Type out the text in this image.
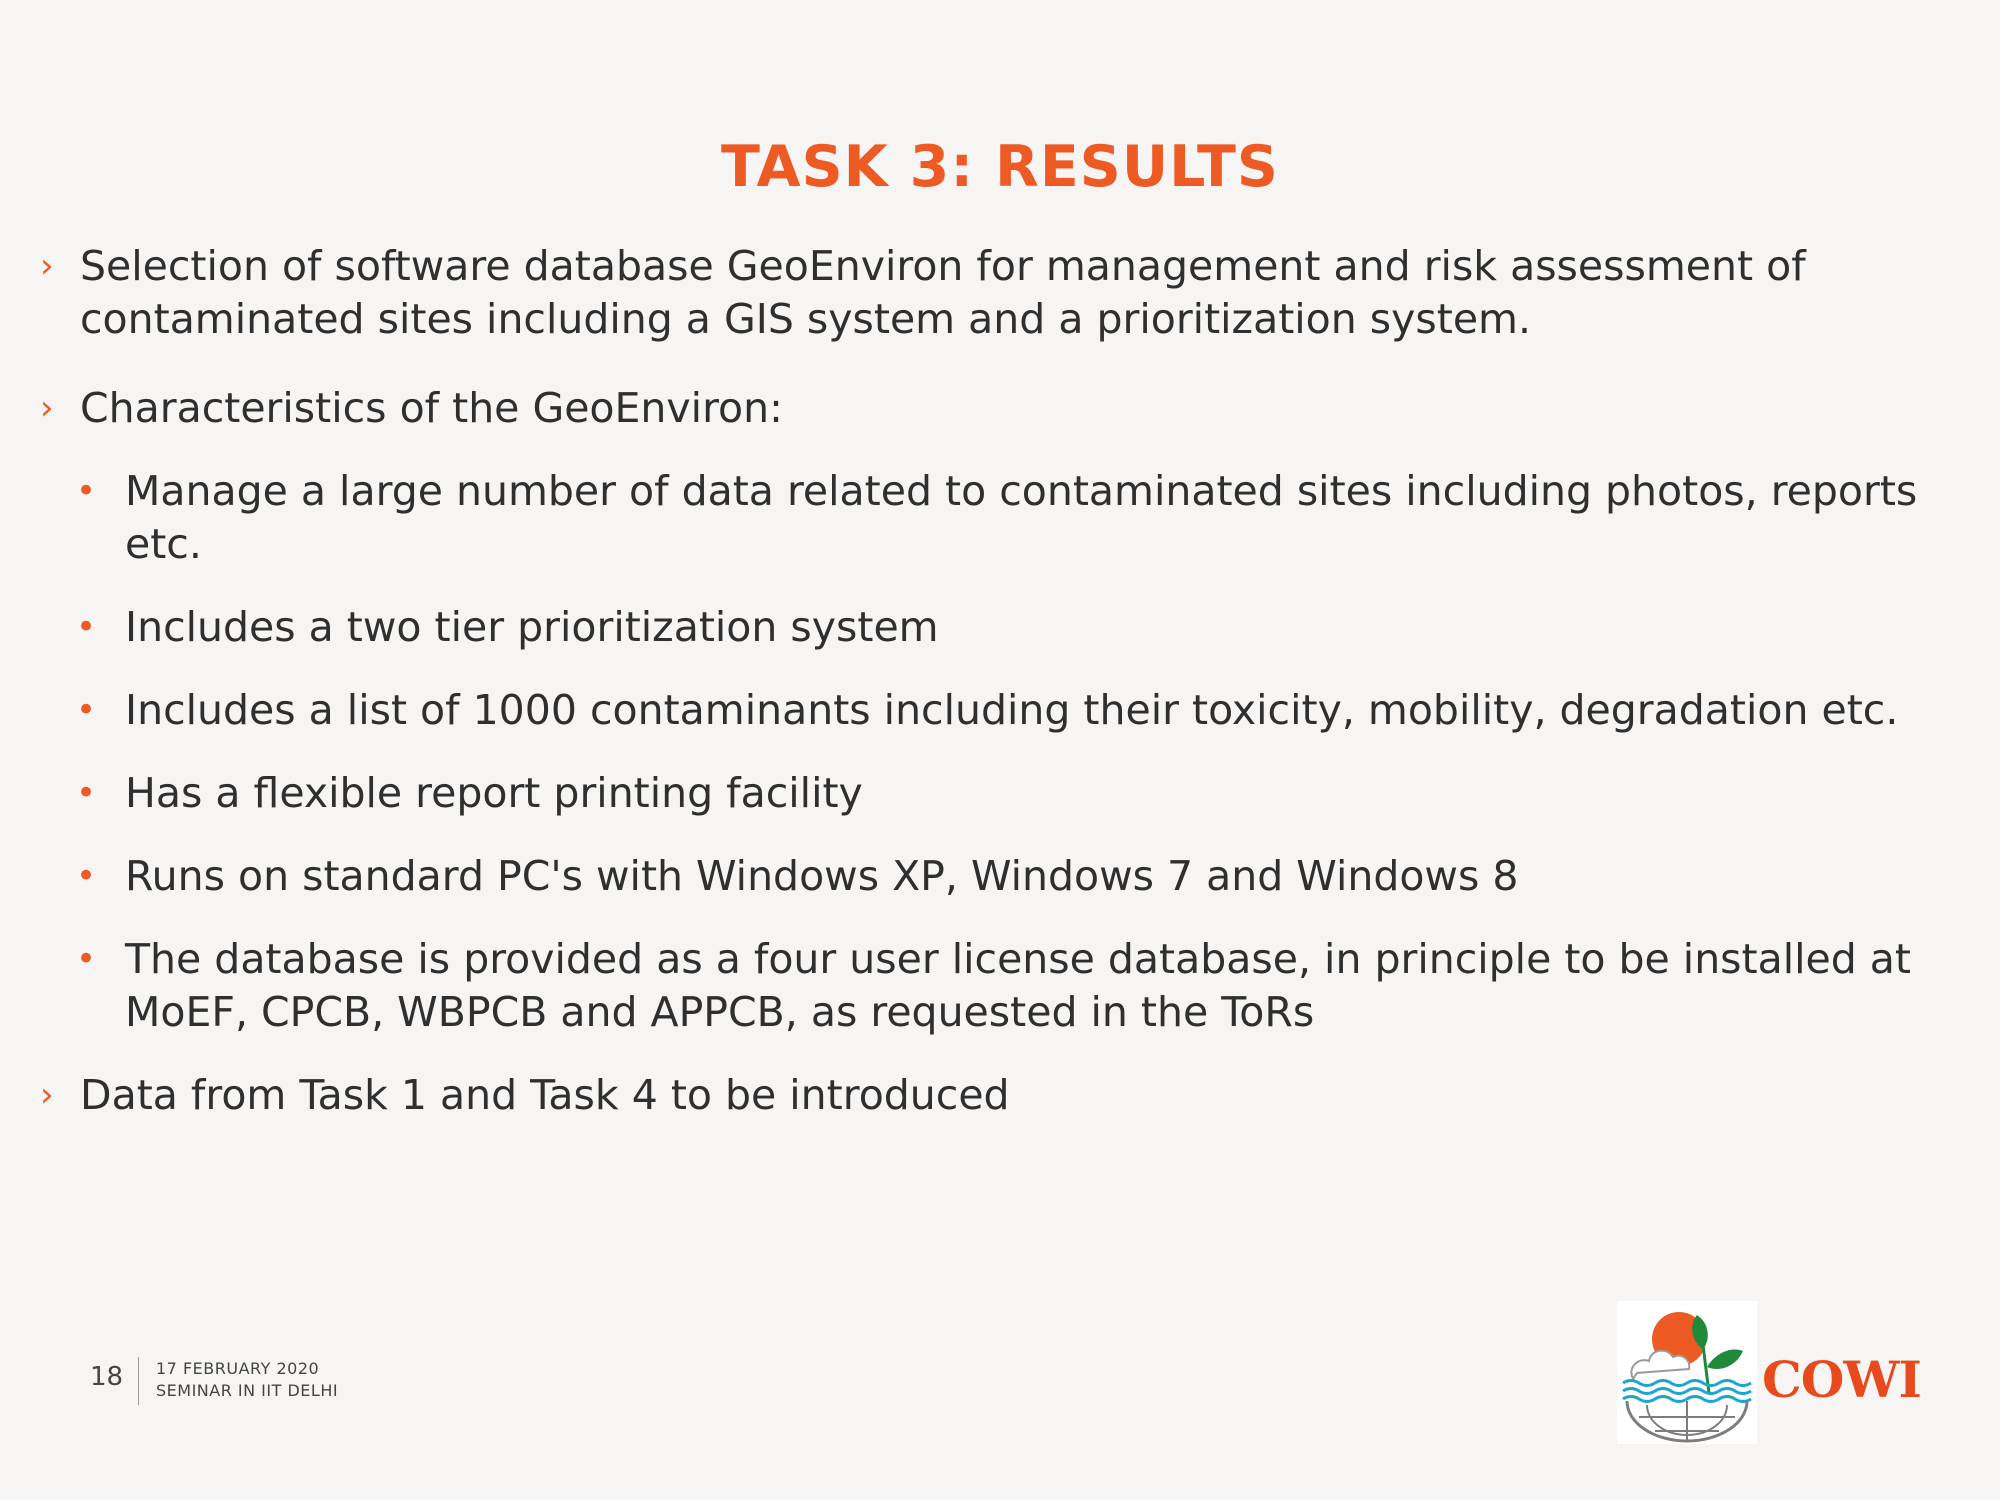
TASK 3: RESULTS
› Selection of software database GeoEnviron for management and risk assessment of contaminated sites including a GIS system and a prioritization system.
› Characteristics of the GeoEnviron:
• Manage a large number of data related to contaminated sites including photos, reports etc.
• Includes a two tier prioritization system
• Includes a list of 1000 contaminants including their toxicity, mobility, degradation etc.
• Has a flexible report printing facility
• Runs on standard PC's with Windows XP, Windows 7 and Windows 8
• The database is provided as a four user license database, in principle to be installed at MoEF, CPCB, WBPCB and APPCB, as requested in the ToRs
› Data from Task 1 and Task 4 to be introduced
18 17 FEBRUARY 2020
SEMINAR IN IIT DELHI	COWI
